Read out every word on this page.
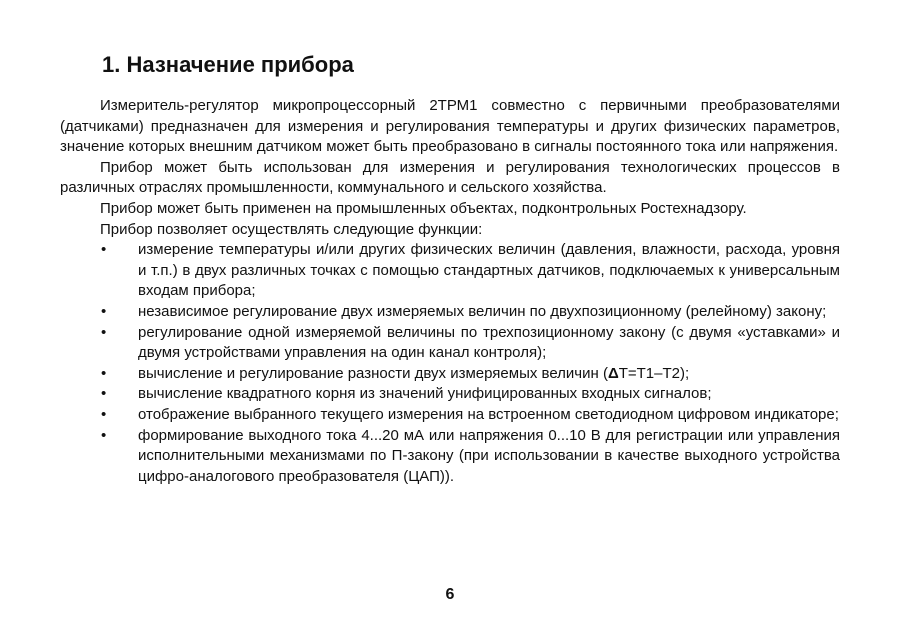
1. Назначение прибора

Измеритель-регулятор микропроцессорный 2ТРМ1 совместно с первичными преобразователями (датчиками) предназначен для измерения и регулирования температуры и других физических параметров, значение которых внешним датчиком может быть преобразовано в сигналы постоянного тока или напряжения.

Прибор может быть использован для измерения и регулирования технологических процессов в различных отраслях промышленности, коммунального и сельского хозяйства.

Прибор может быть применен на промышленных объектах, подконтрольных Ростехнадзору.

Прибор позволяет осуществлять следующие функции:

• измерение температуры и/или других физических величин (давления, влажности, расхода, уровня и т.п.) в двух различных точках с помощью стандартных датчиков, подключаемых к универсальным входам прибора;
• независимое регулирование двух измеряемых величин по двухпозиционному (релейному) закону;
• регулирование одной измеряемой величины по трехпозиционному закону (с двумя «уставками» и двумя устройствами управления на один канал контроля);
• вычисление и регулирование разности двух измеряемых величин (ΔТ=Т1–Т2);
• вычисление квадратного корня из значений унифицированных входных сигналов;
• отображение выбранного текущего измерения на встроенном светодиодном цифровом индикаторе;
• формирование выходного тока 4...20 мА или напряжения 0...10 В для регистрации или управления исполнительными механизмами по П-закону (при использовании в качестве выходного устройства цифро-аналогового преобразователя (ЦАП)).
6
